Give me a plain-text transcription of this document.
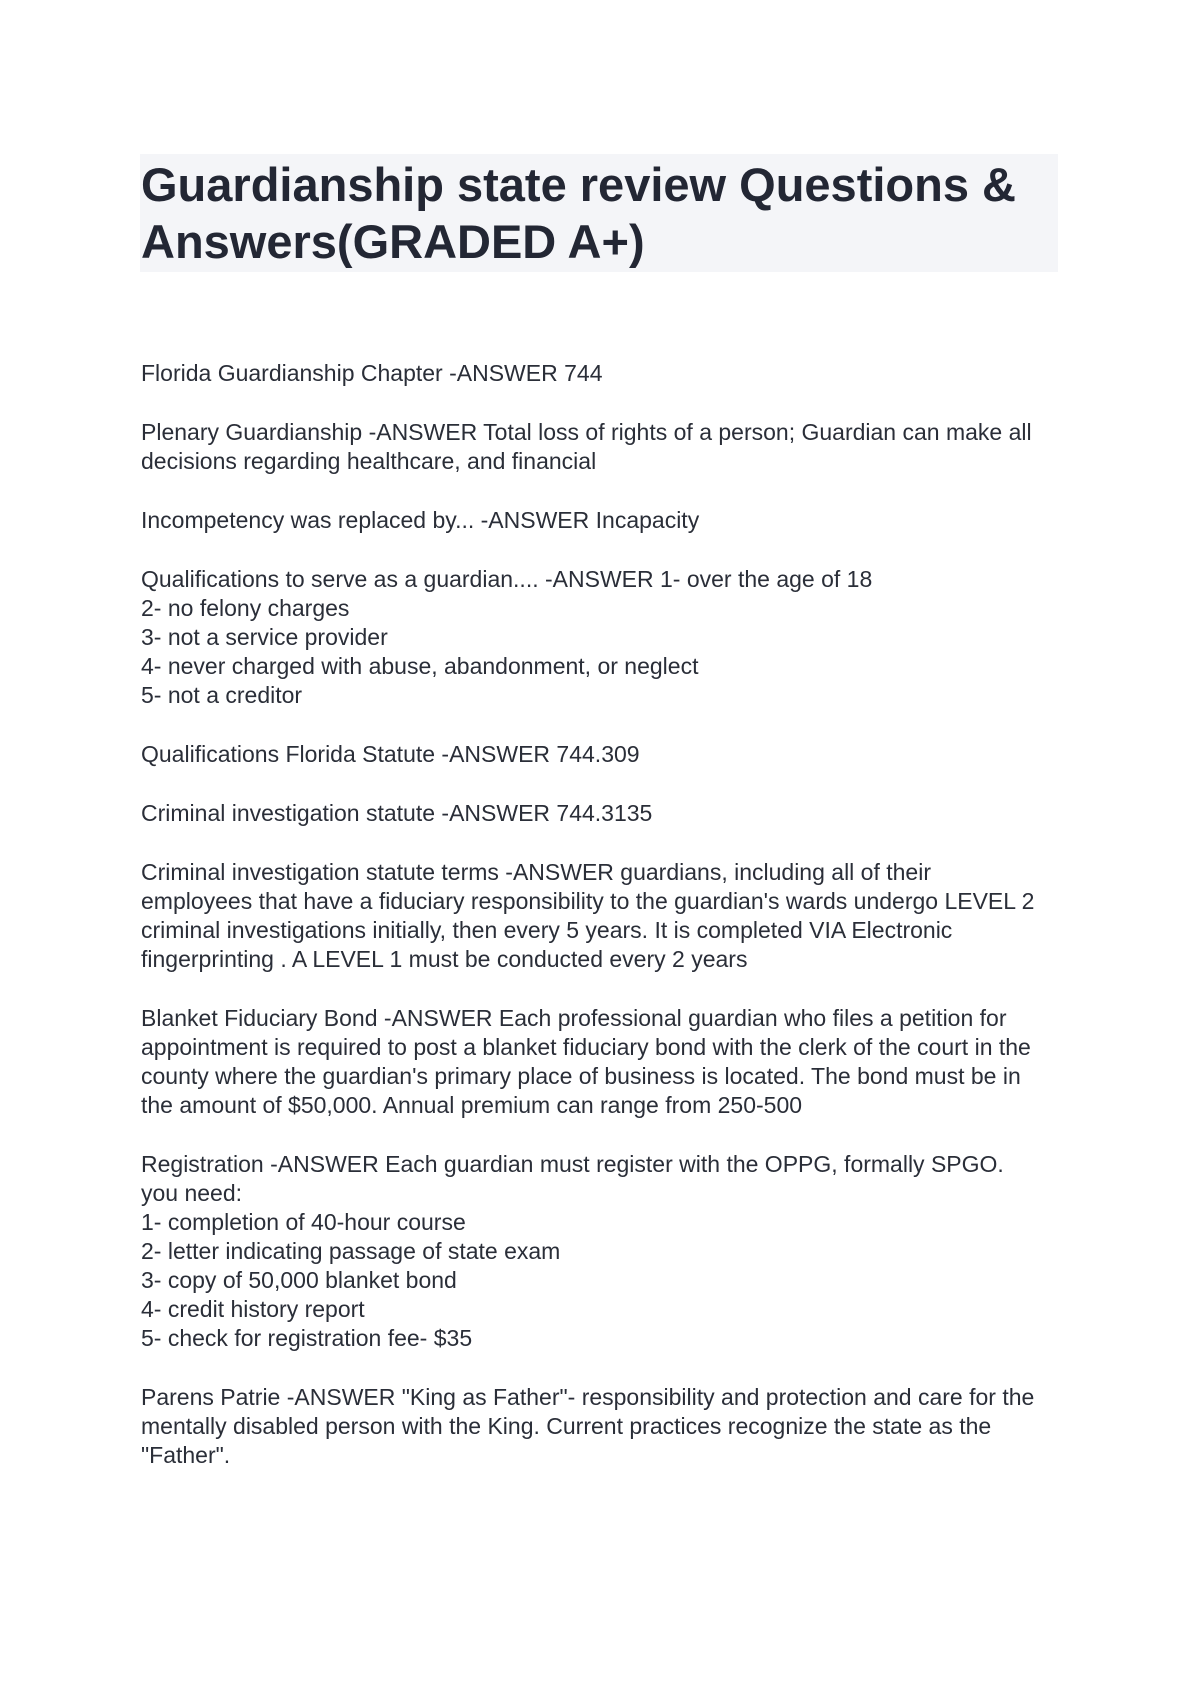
Guardianship state review Questions & Answers(GRADED A+)
Florida Guardianship Chapter -ANSWER 744
Plenary Guardianship -ANSWER Total loss of rights of a person; Guardian can make all
decisions regarding healthcare, and financial
Incompetency was replaced by... -ANSWER Incapacity
Qualifications to serve as a guardian.... -ANSWER 1- over the age of 18
2- no felony charges
3- not a service provider
4- never charged with abuse, abandonment, or neglect
5- not a creditor
Qualifications Florida Statute -ANSWER 744.309
Criminal investigation statute -ANSWER 744.3135
Criminal investigation statute terms -ANSWER guardians, including all of their
employees that have a fiduciary responsibility to the guardian's wards undergo LEVEL 2
criminal investigations initially, then every 5 years. It is completed VIA Electronic
fingerprinting . A LEVEL 1 must be conducted every 2 years
Blanket Fiduciary Bond -ANSWER Each professional guardian who files a petition for
appointment is required to post a blanket fiduciary bond with the clerk of the court in the
county where the guardian's primary place of business is located. The bond must be in
the amount of $50,000. Annual premium can range from 250-500
Registration -ANSWER Each guardian must register with the OPPG, formally SPGO.
you need:
1- completion of 40-hour course
2- letter indicating passage of state exam
3- copy of 50,000 blanket bond
4- credit history report
5- check for registration fee- $35
Parens Patrie -ANSWER "King as Father"- responsibility and protection and care for the
mentally disabled person with the King. Current practices recognize the state as the
"Father".
